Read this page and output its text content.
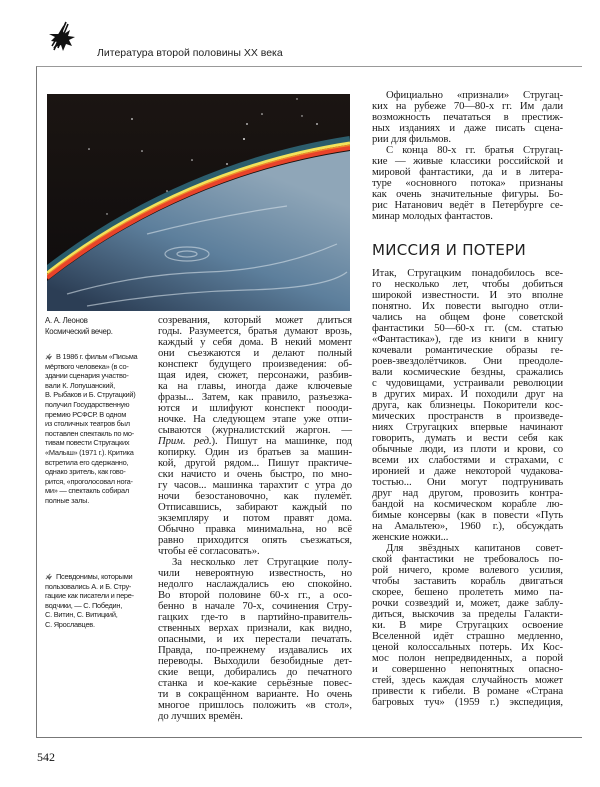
Литература второй половины XX века
А. А. Леонов
Космический вечер.
В 1986 г. фильм «Письма
мёртвого человека» (в со-
здании сценария участво-
вали К. Лопушанский,
В. Рыбаков и Б. Стругацкий)
получил Государственную
премию РСФСР. В одном
из столичных театров был
поставлен спектакль по мо-
тивам повести Стругацких
«Малыш» (1971 г.). Критика
встретила его сдержанно,
однако зритель, как гово-
рится, «проголосовал нога-
ми» — спектакль собирал
полные залы.
Псевдонимы, которыми
пользовались А. и Б. Стру-
гацкие как писатели и пере-
водчики, — С. Победин,
С. Витин, С. Витицкий,
С. Ярославцев.
созревания, который может длиться
годы. Разумеется, братья думают врозь,
каждый у себя дома. В некий момент
они съезжаются и делают полный
конспект будущего произведения: об-
щая идея, сюжет, персонажи, разбив-
ка на главы, иногда даже ключевые
фразы... Затем, как правило, разъезжа-
ются и шлифуют конспект поооди-
ночке. На следующем этапе уже отпи-
сываются (журналистский жаргон. —
Прим. ред.). Пишут на машинке, под
копирку. Один из братьев за машин-
кой, другой рядом... Пишут практиче-
ски начисто и очень быстро, по мно-
гу часов... машинка тарахтит с утра до
ночи безостановочно, как пулемёт.
Отписавшись, забирают каждый по
экземпляру и потом правят дома.
Обычно правка минимальна, но всё
равно приходится опять съезжаться,
чтобы её согласовать».
За несколько лет Стругацкие полу-
чили невероятную известность, но
недолго наслаждались ею спокойно.
Во второй половине 60-х гг., а осо-
бенно в начале 70-х, сочинения Стру-
гацких где-то в партийно-правитель-
ственных верхах признали, как видно,
опасными, и их перестали печатать.
Правда, по-прежнему издавались их
переводы. Выходили безобидные дет-
ские вещи, добирались до печатного
станка и кое-какие серьёзные повес-
ти в сокращённом варианте. Но очень
многое пришлось положить «в стол»,
до лучших времён.
Официально «признали» Стругац-
ких на рубеже 70—80-х гг. Им дали
возможность печататься в престиж-
ных изданиях и даже писать сцена-
рии для фильмов.
С конца 80-х гг. братья Стругац-
кие — живые классики российской и
мировой фантастики, да и в литера-
туре «основного потока» признаны
как очень значительные фигуры. Бо-
рис Натанович ведёт в Петербурге се-
минар молодых фантастов.
МИССИЯ И ПОТЕРИ
Итак, Стругацким понадобилось все-
го несколько лет, чтобы добиться
широкой известности. И это вполне
понятно. Их повести выгодно отли-
чались на общем фоне советской
фантастики 50—60-х гг. (см. статью
«Фантастика»), где из книги в книгу
кочевали романтические образы ге-
роев-звездолётчиков. Они преодоле-
вали космические бездны, сражались
с чудовищами, устраивали революции
в других мирах. И походили друг на
друга, как близнецы. Покорители кос-
мических пространств в произведе-
ниях Стругацких впервые начинают
говорить, думать и вести себя как
обычные люди, из плоти и крови, со
всеми их слабостями и страхами, с
иронией и даже некоторой чудакова-
тостью... Они могут подтрунивать
друг над другом, провозить контра-
бандой на космическом корабле лю-
бимые консервы (как в повести «Путь
на Амальтею», 1960 г.), обсуждать
женские ножки...
Для звёздных капитанов совет-
ской фантастики не требовалось по-
рой ничего, кроме волевого усилия,
чтобы заставить корабль двигаться
скорее, бешено пролететь мимо па-
рочки созвездий и, может, даже заблу-
диться, выскочив за пределы Галакти-
ки. В мире Стругацких освоение
Вселенной идёт страшно медленно,
ценой колоссальных потерь. Их Кос-
мос полон непредвиденных, а порой
и совершенно непонятных опасно-
стей, здесь каждая случайность может
привести к гибели. В романе «Страна
багровых туч» (1959 г.) экспедиция,
542
